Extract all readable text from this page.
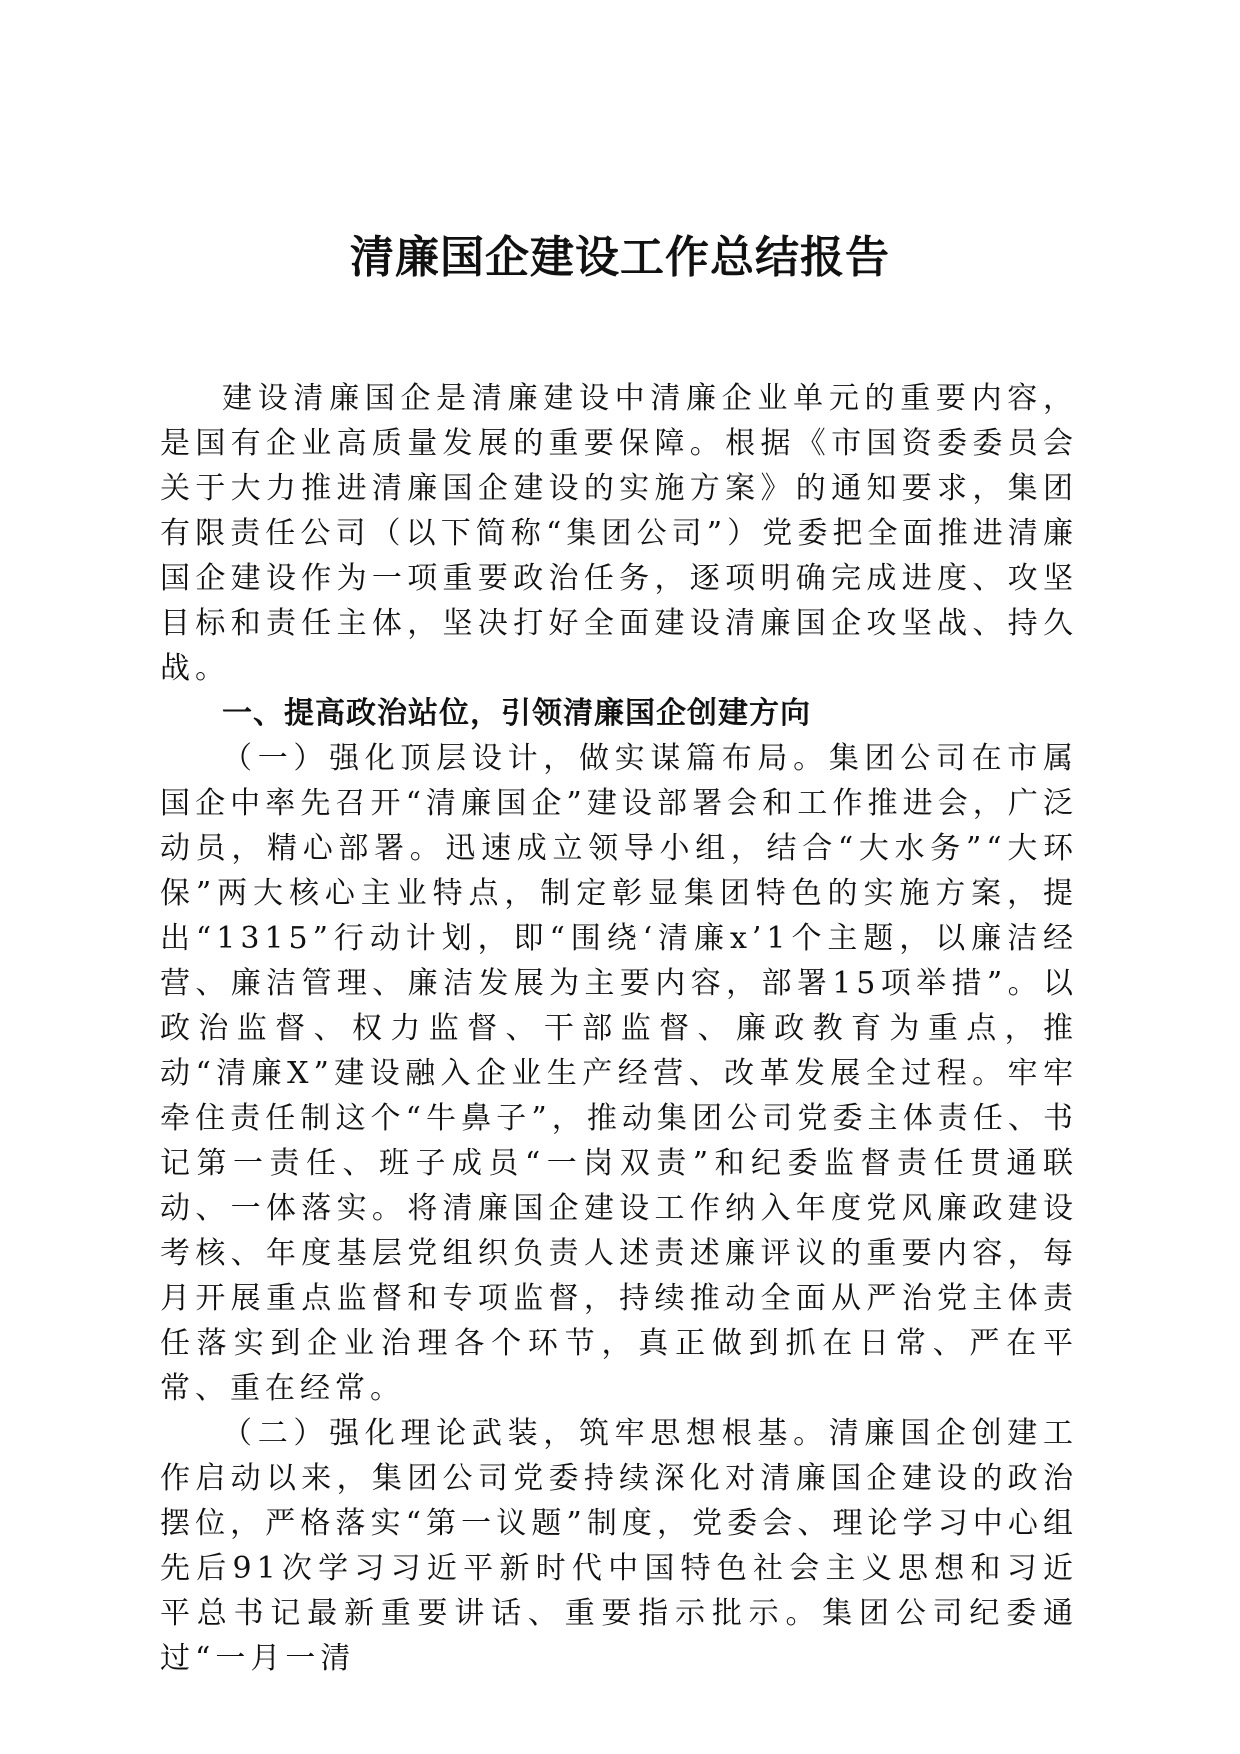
清廉国企建设工作总结报告

建设清廉国企是清廉建设中清廉企业单元的重要内容，是国有企业高质量发展的重要保障。根据《市国资委委员会关于大力推进清廉国企建设的实施方案》的通知要求，集团有限责任公司（以下简称“集团公司”）党委把全面推进清廉国企建设作为一项重要政治任务，逐项明确完成进度、攻坚目标和责任主体，坚决打好全面建设清廉国企攻坚战、持久战。

一、提高政治站位，引领清廉国企创建方向

（一）强化顶层设计，做实谋篇布局。集团公司在市属国企中率先召开“清廉国企”建设部署会和工作推进会，广泛动员，精心部署。迅速成立领导小组，结合“大水务”“大环保”两大核心主业特点，制定彰显集团特色的实施方案，提出“1315”行动计划，即“围绕‘清廉x’1个主题，以廉洁经营、廉洁管理、廉洁发展为主要内容，部署15项举措”。以政治监督、权力监督、干部监督、廉政教育为重点，推动“清廉X”建设融入企业生产经营、改革发展全过程。牢牢牵住责任制这个“牛鼻子”，推动集团公司党委主体责任、书记第一责任、班子成员“一岗双责”和纪委监督责任贯通联动、一体落实。将清廉国企建设工作纳入年度党风廉政建设考核、年度基层党组织负责人述责述廉评议的重要内容，每月开展重点监督和专项监督，持续推动全面从严治党主体责任落实到企业治理各个环节，真正做到抓在日常、严在平常、重在经常。

（二）强化理论武装，筑牢思想根基。清廉国企创建工作启动以来，集团公司党委持续深化对清廉国企建设的政治摆位，严格落实“第一议题”制度，党委会、理论学习中心组先后91次学习习近平新时代中国特色社会主义思想和习近平总书记最新重要讲话、重要指示批示。集团公司纪委通过“一月一清
